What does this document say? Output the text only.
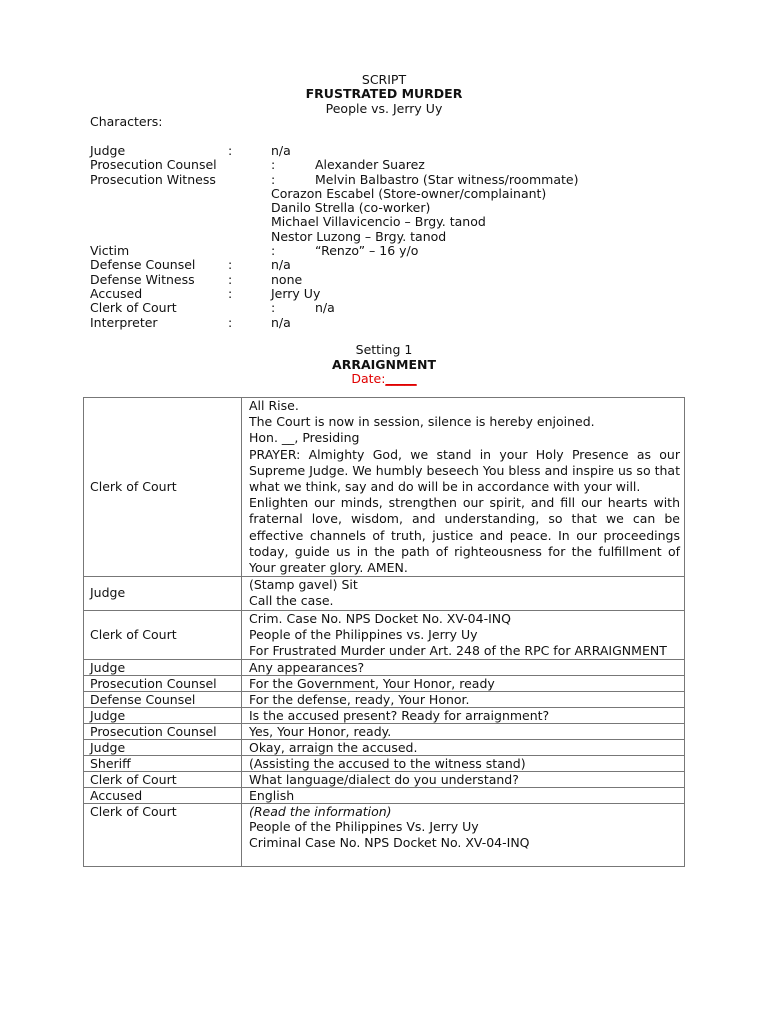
SCRIPT
FRUSTRATED MURDER
People vs. Jerry Uy
Characters:
Judge	:	n/a
Prosecution Counsel	:	Alexander Suarez
Prosecution Witness	:	Melvin Balbastro (Star witness/roommate)
Corazon Escabel (Store-owner/complainant)
Danilo Strella (co-worker)
Michael Villavicencio – Brgy. tanod
Nestor Luzong – Brgy. tanod
Victim	:	“Renzo” – 16 y/o
Defense Counsel	:	n/a
Defense Witness	:	none
Accused	:	Jerry Uy
Clerk of Court	:	n/a
Interpreter	:	n/a
Setting 1
ARRAIGNMENT
Date:_____
Clerk of Court	All Rise.
The Court is now in session, silence is hereby enjoined.
Hon. __, Presiding
PRAYER: Almighty God, we stand in your Holy Presence as our Supreme Judge. We humbly beseech You bless and inspire us so that what we think, say and do will be in accordance with your will.
Enlighten our minds, strengthen our spirit, and fill our hearts with fraternal love, wisdom, and understanding, so that we can be effective channels of truth, justice and peace. In our proceedings today, guide us in the path of righteousness for the fulfillment of Your greater glory. AMEN.

Judge	(Stamp gavel) Sit
Call the case.

Clerk of Court	Crim. Case No. NPS Docket No. XV-04-INQ
People of the Philippines vs. Jerry Uy
For Frustrated Murder under Art. 248 of the RPC for ARRAIGNMENT

Judge	Any appearances?
Prosecution Counsel	For the Government, Your Honor, ready
Defense Counsel	For the defense, ready, Your Honor.
Judge	Is the accused present? Ready for arraignment?
Prosecution Counsel	Yes, Your Honor, ready.
Judge	Okay, arraign the accused.
Sheriff	(Assisting the accused to the witness stand)
Clerk of Court	What language/dialect do you understand?
Accused	English
Clerk of Court	(Read the information)
People of the Philippines Vs. Jerry Uy
Criminal Case No. NPS Docket No. XV-04-INQ
